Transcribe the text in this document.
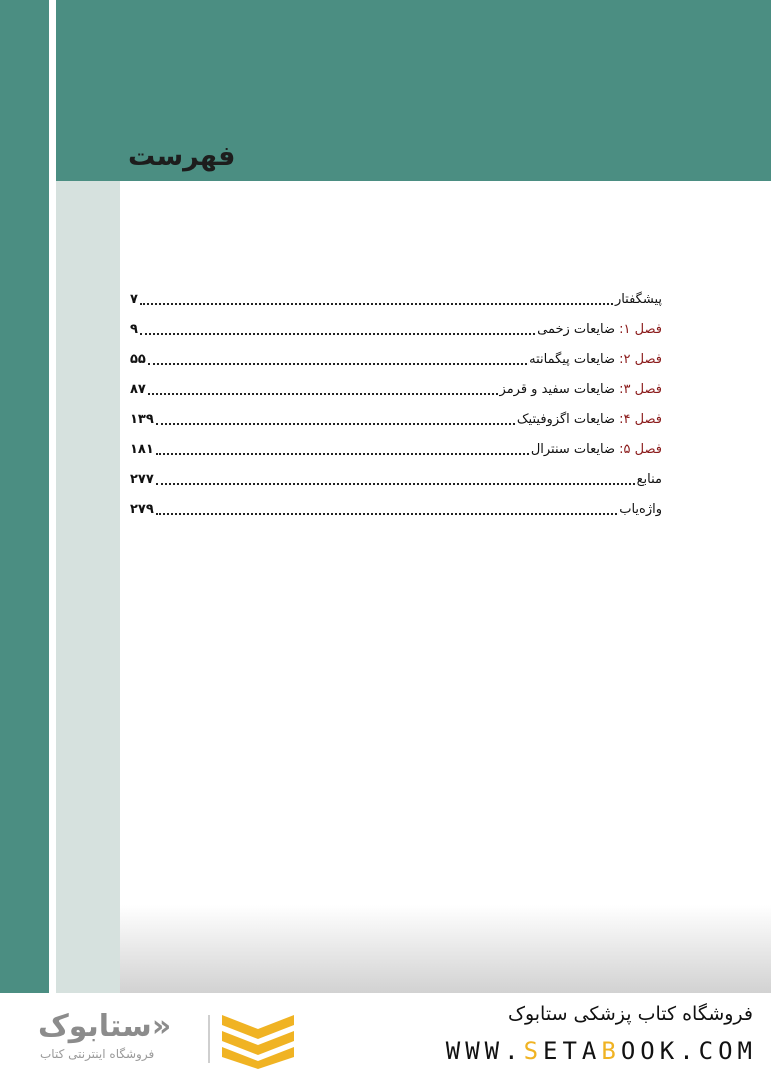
فهرست
پیشگفتار
۷
فصل ۱: ضایعات زخمی
۹
فصل ۲: ضایعات پیگمانته
۵۵
فصل ۳: ضایعات سفید و قرمز
۸۷
فصل ۴: ضایعات اگزوفیتیک
۱۳۹
فصل ۵: ضایعات سنترال
۱۸۱
منابع
۲۷۷
واژه‌یاب
۲۷۹
ستابوک»
فروشگاه اینترنتی کتاب
فروشگاه کتاب پزشکی ستابوک
WWW.SETABOOK.COM
